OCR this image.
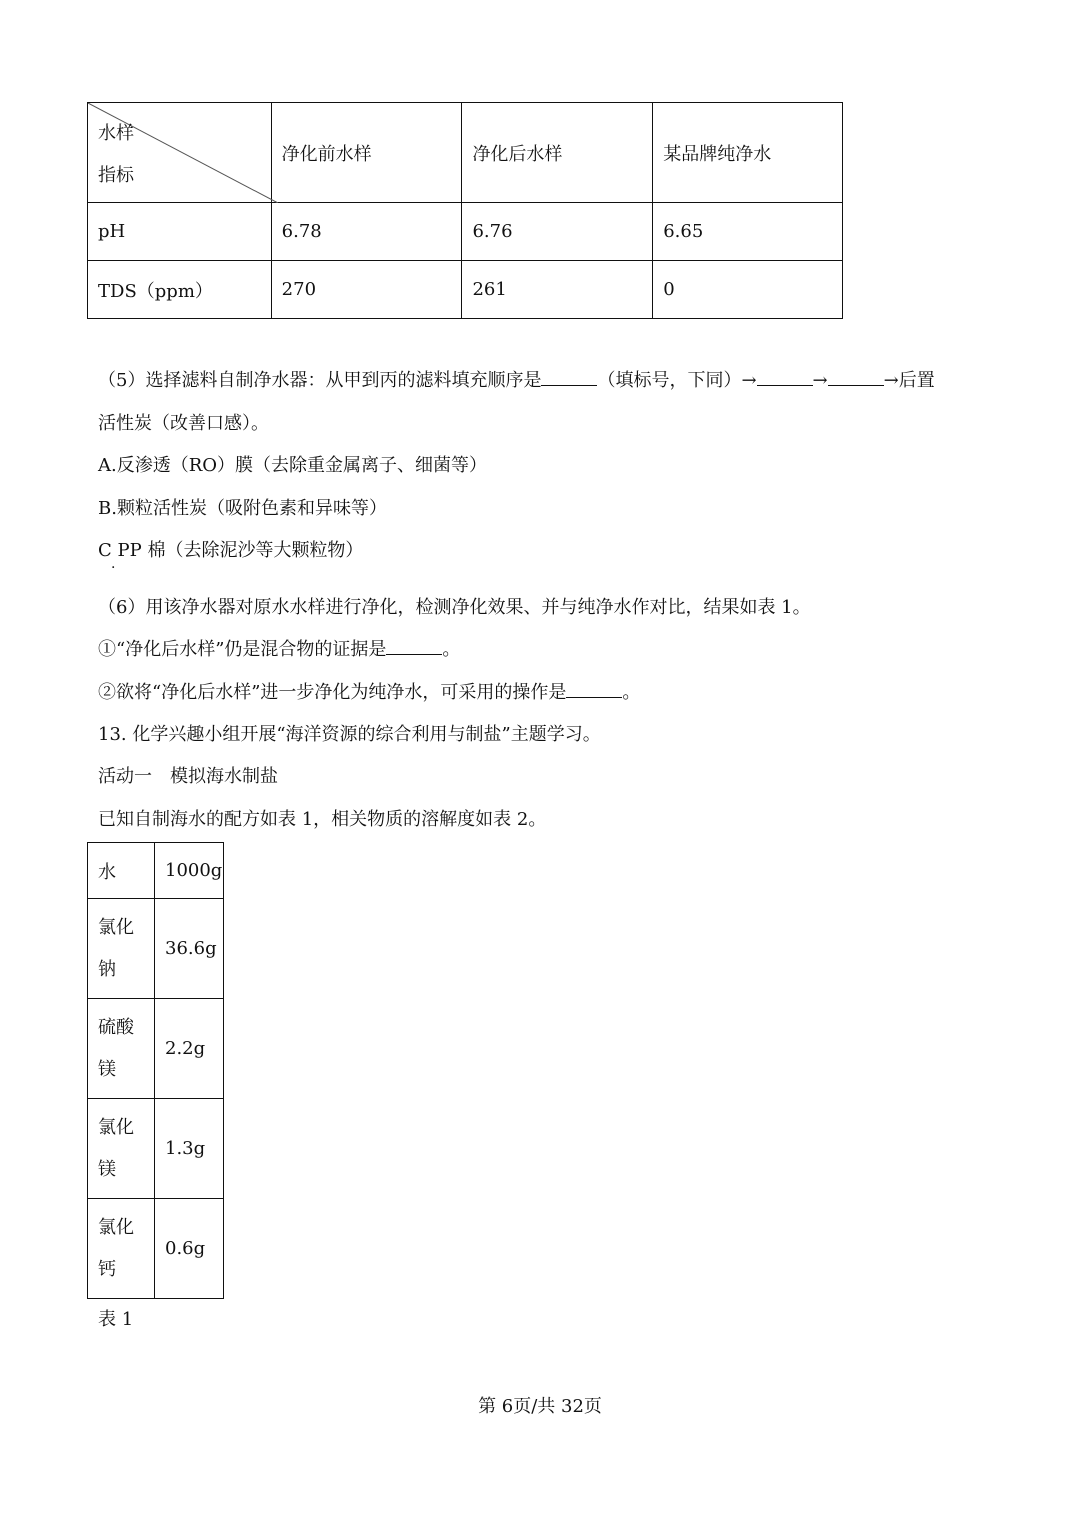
水样
指标	净化前水样	净化后水样	某品牌纯净水
pH	6.78	6.76	6.65
TDS（ppm）	270	261	0
（5）选择滤料自制净水器：从甲到丙的滤料填充顺序是	（填标号，下同）→	→	→后置
活性炭（改善口感）。
A.反渗透（RO）膜（去除重金属离子、细菌等）
B.颗粒活性炭（吸附色素和异味等）
C PP 棉（去除泥沙等大颗粒物）
·
（6）用该净水器对原水水样进行净化，检测净化效果、并与纯净水作对比，结果如表 1。
①“净化后水样”仍是混合物的证据是	。
②欲将“净化后水样”进一步净化为纯净水，可采用的操作是	。
13. 化学兴趣小组开展“海洋资源的综合利用与制盐”主题学习。
活动一　模拟海水制盐
已知自制海水的配方如表 1，相关物质的溶解度如表 2。
水	1000g

氯化
钠	36.6g

硫酸
镁	2.2g

氯化
镁	1.3g

氯化
钙	0.6g
表 1
第 6页/共 32页
